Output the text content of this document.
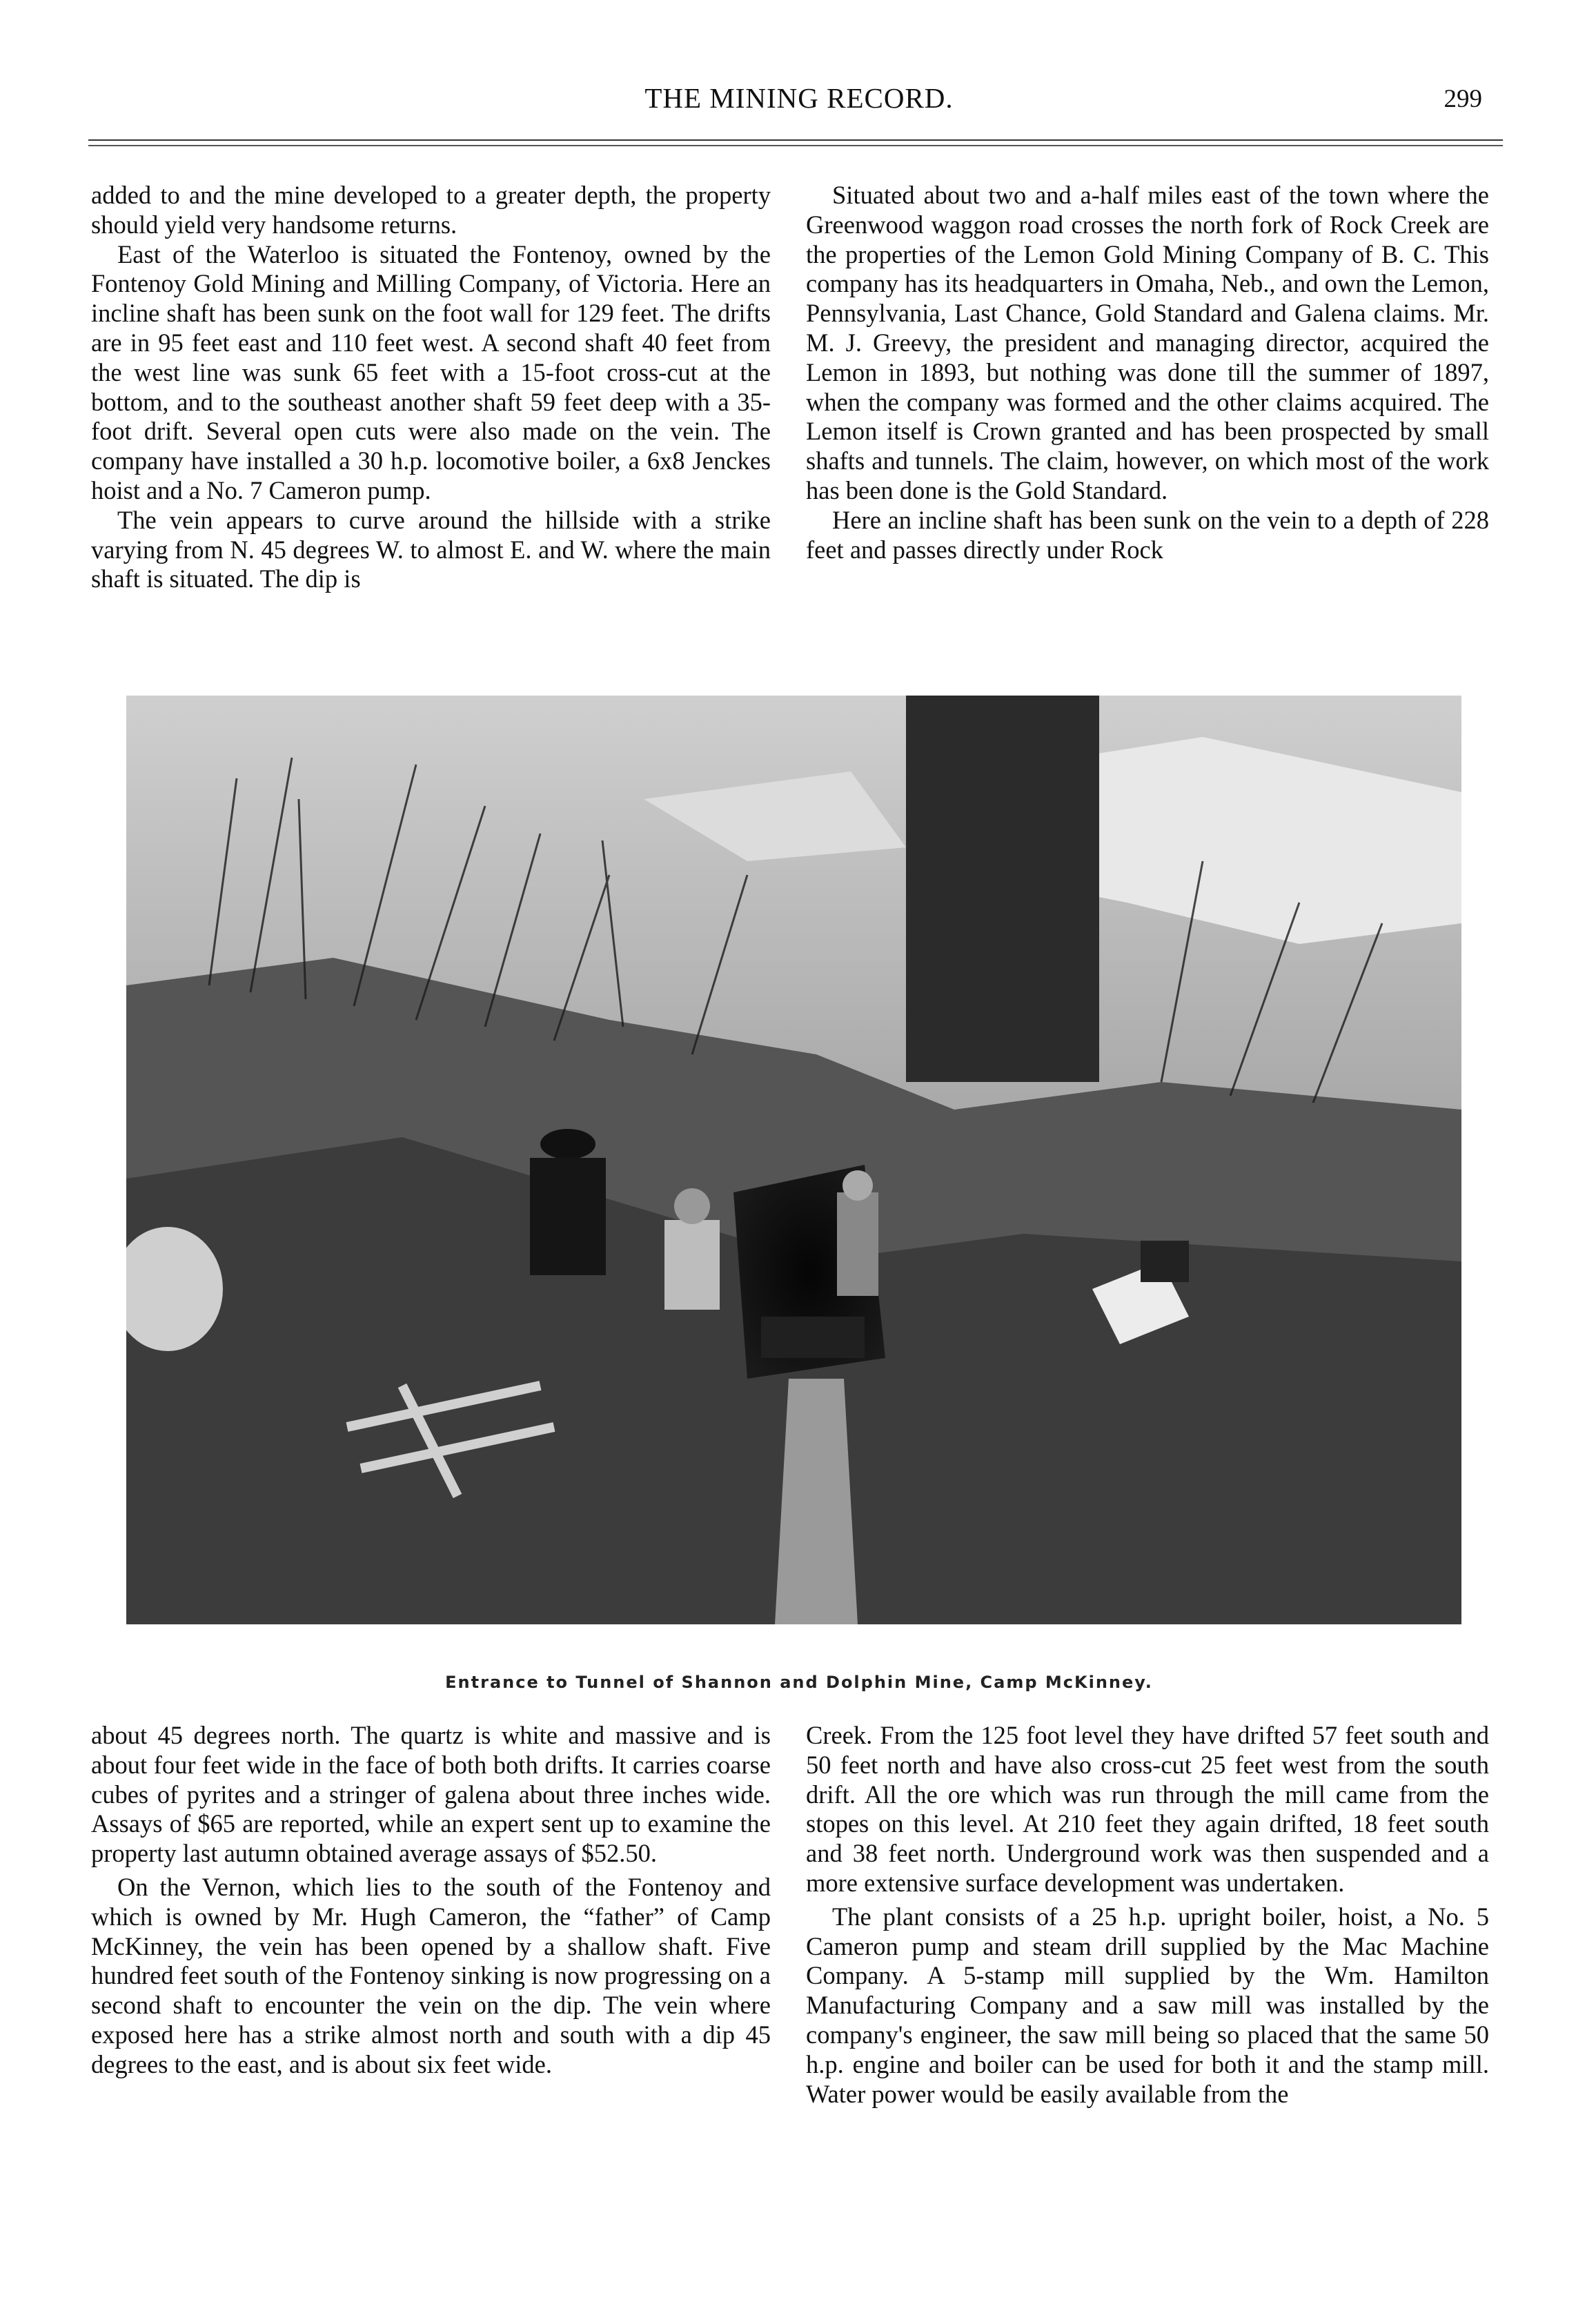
THE MINING RECORD.	299

added to and the mine developed to a greater depth, the property should yield very handsome returns.

East of the Waterloo is situated the Fontenoy, owned by the Fontenoy Gold Mining and Milling Company, of Victoria. Here an incline shaft has been sunk on the foot wall for 129 feet. The drifts are in 95 feet east and 110 feet west. A second shaft 40 feet from the west line was sunk 65 feet with a 15-foot cross-cut at the bottom, and to the southeast another shaft 59 feet deep with a 35-foot drift. Several open cuts were also made on the vein. The company have installed a 30 h.p. locomotive boiler, a 6x8 Jenckes hoist and a No. 7 Cameron pump.

The vein appears to curve around the hillside with a strike varying from N. 45 degrees W. to almost E. and W. where the main shaft is situated. The dip is

Situated about two and a-half miles east of the town where the Greenwood waggon road crosses the north fork of Rock Creek are the properties of the Lemon Gold Mining Company of B. C. This company has its headquarters in Omaha, Neb., and own the Lemon, Pennsylvania, Last Chance, Gold Standard and Galena claims. Mr. M. J. Greevy, the president and managing director, acquired the Lemon in 1893, but nothing was done till the summer of 1897, when the company was formed and the other claims acquired. The Lemon itself is Crown granted and has been prospected by small shafts and tunnels. The claim, however, on which most of the work has been done is the Gold Standard.

Here an incline shaft has been sunk on the vein to a depth of 228 feet and passes directly under Rock

Entrance to Tunnel of Shannon and Dolphin Mine, Camp McKinney.

about 45 degrees north. The quartz is white and massive and is about four feet wide in the face of both both drifts. It carries coarse cubes of pyrites and a stringer of galena about three inches wide. Assays of $65 are reported, while an expert sent up to examine the property last autumn obtained average assays of $52.50.

On the Vernon, which lies to the south of the Fontenoy and which is owned by Mr. Hugh Cameron, the “father” of Camp McKinney, the vein has been opened by a shallow shaft. Five hundred feet south of the Fontenoy sinking is now progressing on a second shaft to encounter the vein on the dip. The vein where exposed here has a strike almost north and south with a dip 45 degrees to the east, and is about six feet wide.

Creek. From the 125 foot level they have drifted 57 feet south and 50 feet north and have also cross-cut 25 feet west from the south drift. All the ore which was run through the mill came from the stopes on this level. At 210 feet they again drifted, 18 feet south and 38 feet north. Underground work was then suspended and a more extensive surface development was undertaken.

The plant consists of a 25 h.p. upright boiler, hoist, a No. 5 Cameron pump and steam drill supplied by the Mac Machine Company. A 5-stamp mill supplied by the Wm. Hamilton Manufacturing Company and a saw mill was installed by the company's engineer, the saw mill being so placed that the same 50 h.p. engine and boiler can be used for both it and the stamp mill. Water power would be easily available from the
